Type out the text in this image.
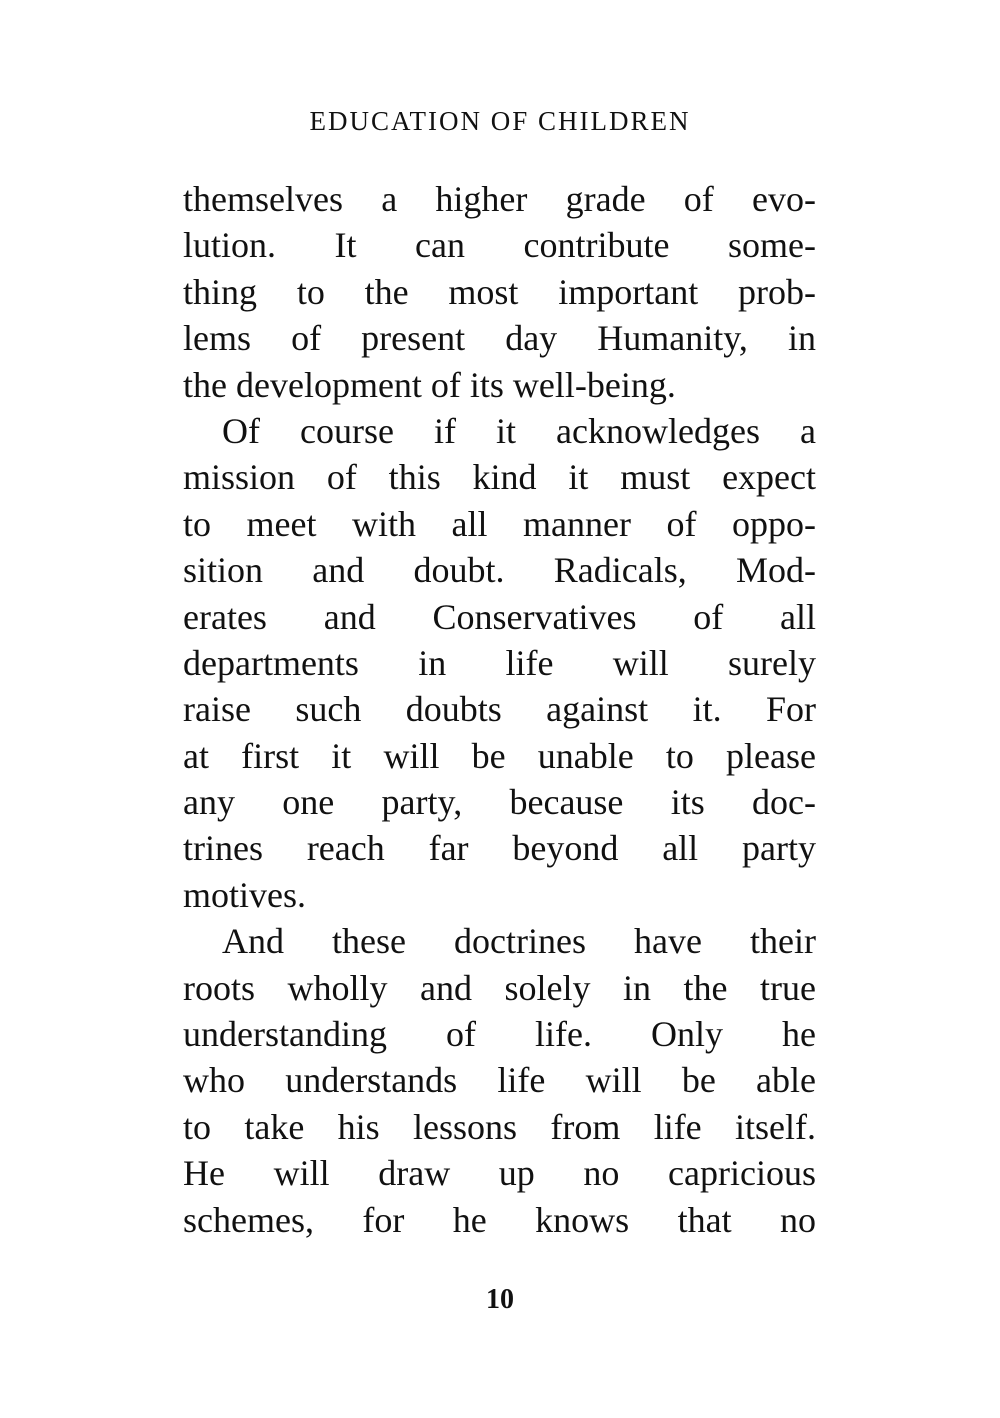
EDUCATION OF CHILDREN
themselves a higher grade of evo-
lution. It can contribute some-
thing to the most important prob-
lems of present day Humanity, in
the development of its well-being.
Of course if it acknowledges a
mission of this kind it must expect
to meet with all manner of oppo-
sition and doubt. Radicals, Mod-
erates and Conservatives of all
departments in life will surely
raise such doubts against it. For
at first it will be unable to please
any one party, because its doc-
trines reach far beyond all party
motives.
And these doctrines have their
roots wholly and solely in the true
understanding of life. Only he
who understands life will be able
to take his lessons from life itself.
He will draw up no capricious
schemes, for he knows that no
10
